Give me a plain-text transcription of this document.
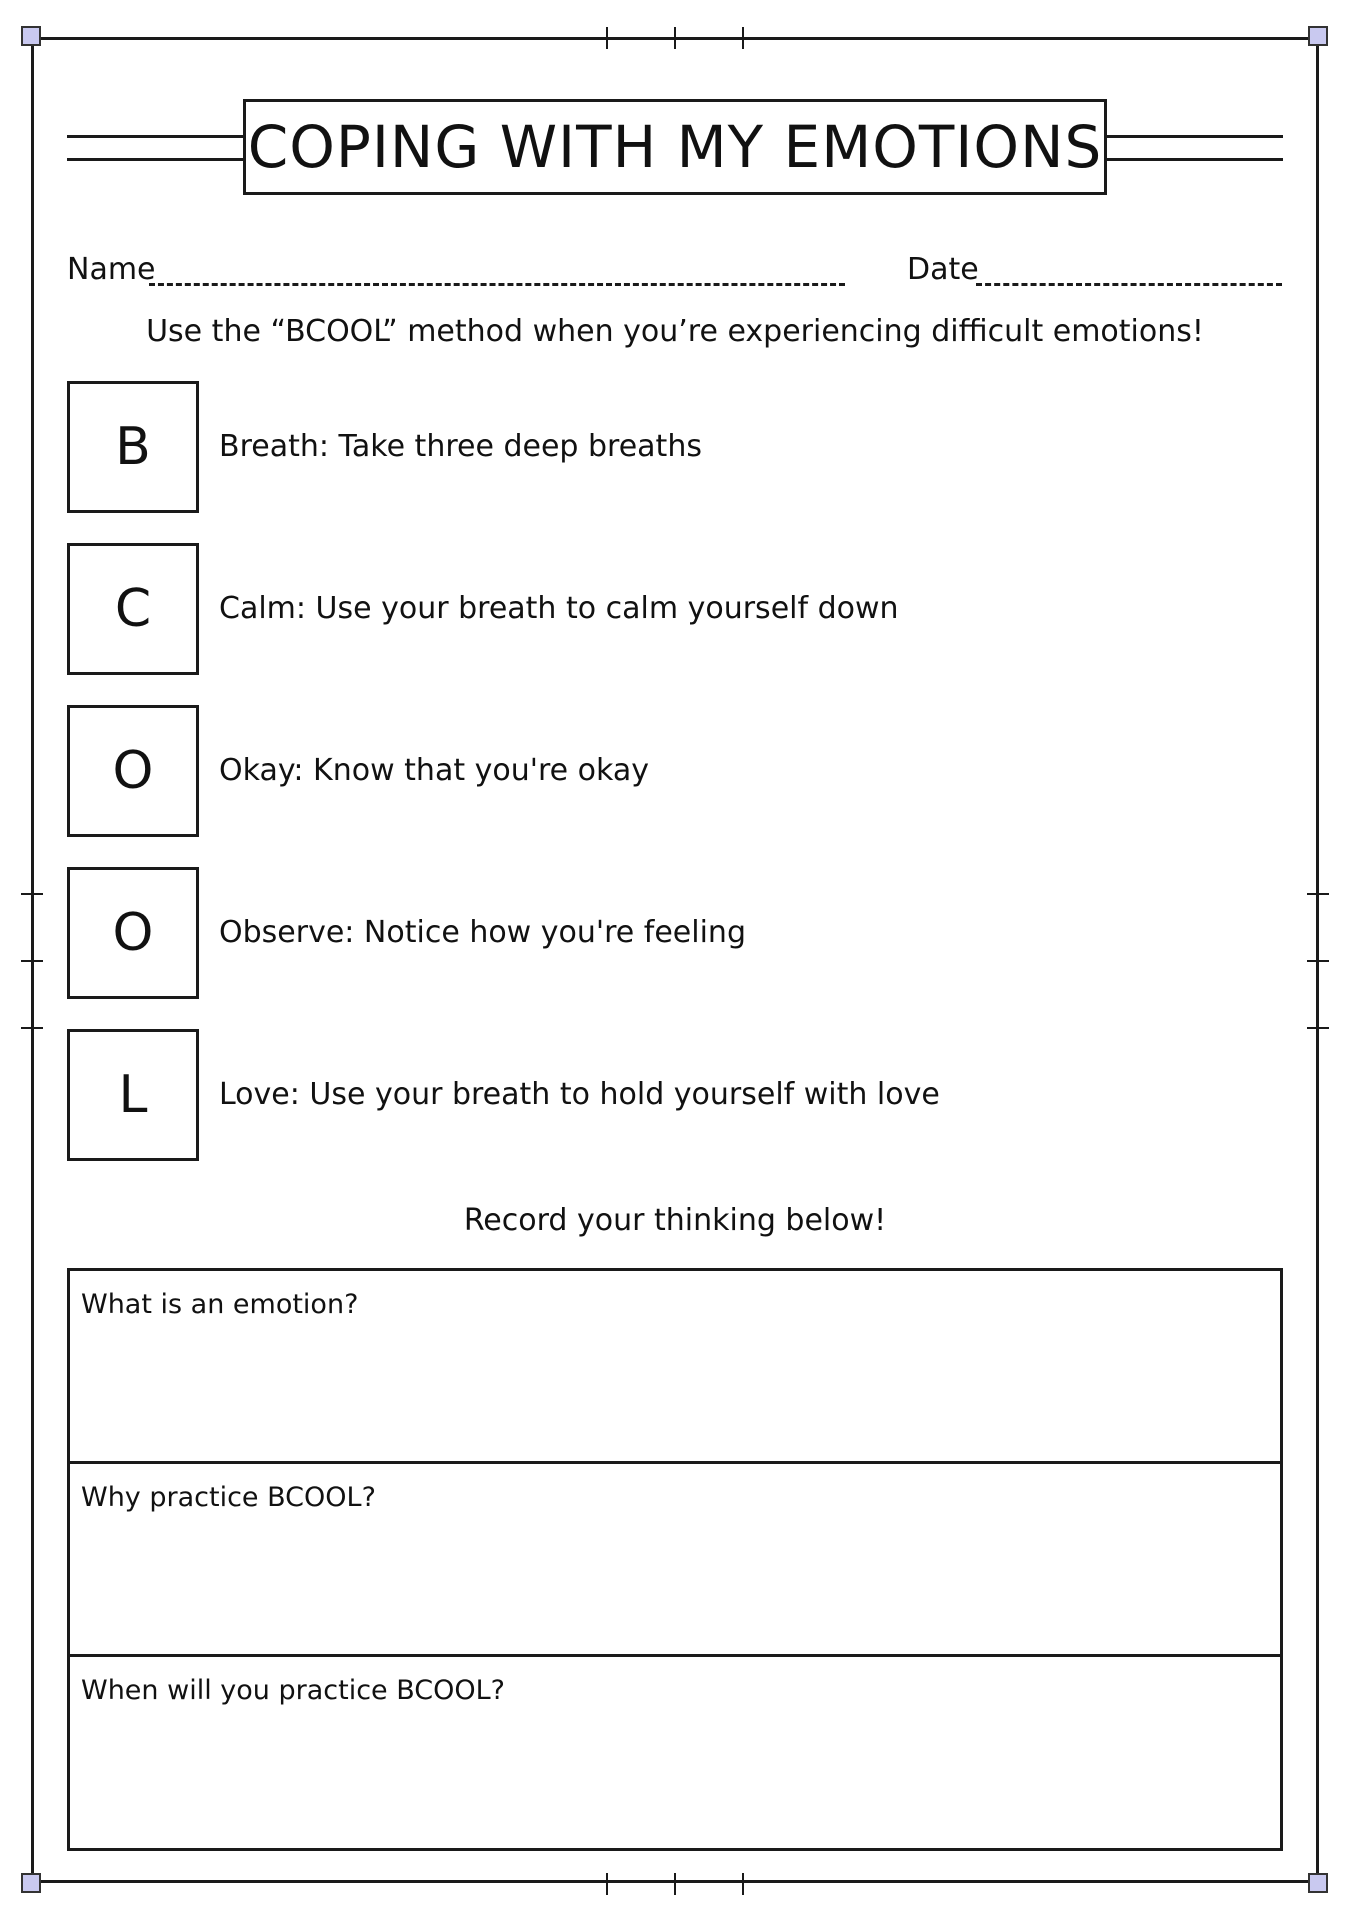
COPING WITH MY EMOTIONS
Name	Date
Use the “BCOOL” method when you’re experiencing difficult emotions!
B	Breath: Take three deep breaths
C	Calm: Use your breath to calm yourself down
O	Okay: Know that you're okay
O	Observe: Notice how you're feeling
L	Love: Use your breath to hold yourself with love
Record your thinking below!
What is an emotion?
Why practice BCOOL?
When will you practice BCOOL?
